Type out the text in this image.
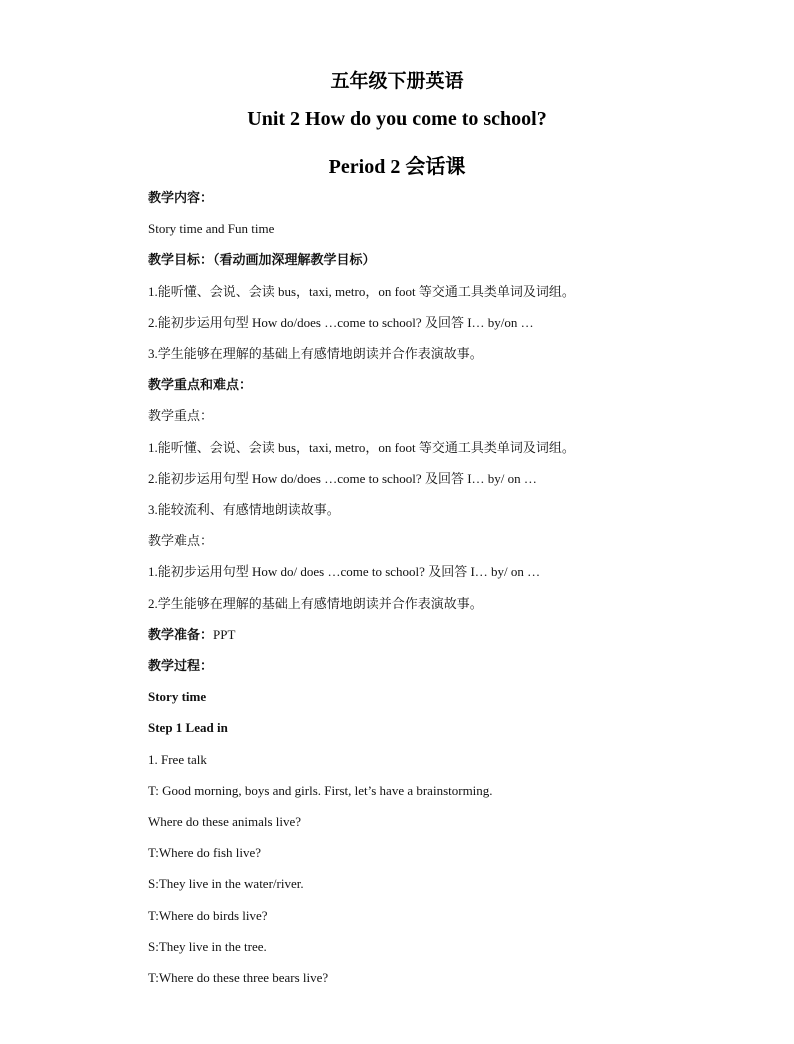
五年级下册英语
Unit 2 How do you come to school?
Period 2 会话课
教学内容：
Story time and Fun time
教学目标：（看动画加深理解教学目标）
1.能听懂、会说、会读 bus，taxi, metro，on foot 等交通工具类单词及词组。
2.能初步运用句型 How do/does …come to school? 及回答 I… by/on …
3.学生能够在理解的基础上有感情地朗读并合作表演故事。
教学重点和难点：
教学重点：
1.能听懂、会说、会读 bus，taxi, metro，on foot 等交通工具类单词及词组。
2.能初步运用句型 How do/does …come to school? 及回答 I… by/ on …
3.能较流利、有感情地朗读故事。
教学难点：
1.能初步运用句型 How do/ does …come to school? 及回答 I… by/ on …
2.学生能够在理解的基础上有感情地朗读并合作表演故事。
教学准备：PPT
教学过程：
Story time
Step 1 Lead in
1. Free talk
T: Good morning, boys and girls. First, let’s have a brainstorming.
Where do these animals live?
T:Where do fish live?
S:They live in the water/river.
T:Where do birds live?
S:They live in the tree.
T:Where do these three bears live?
